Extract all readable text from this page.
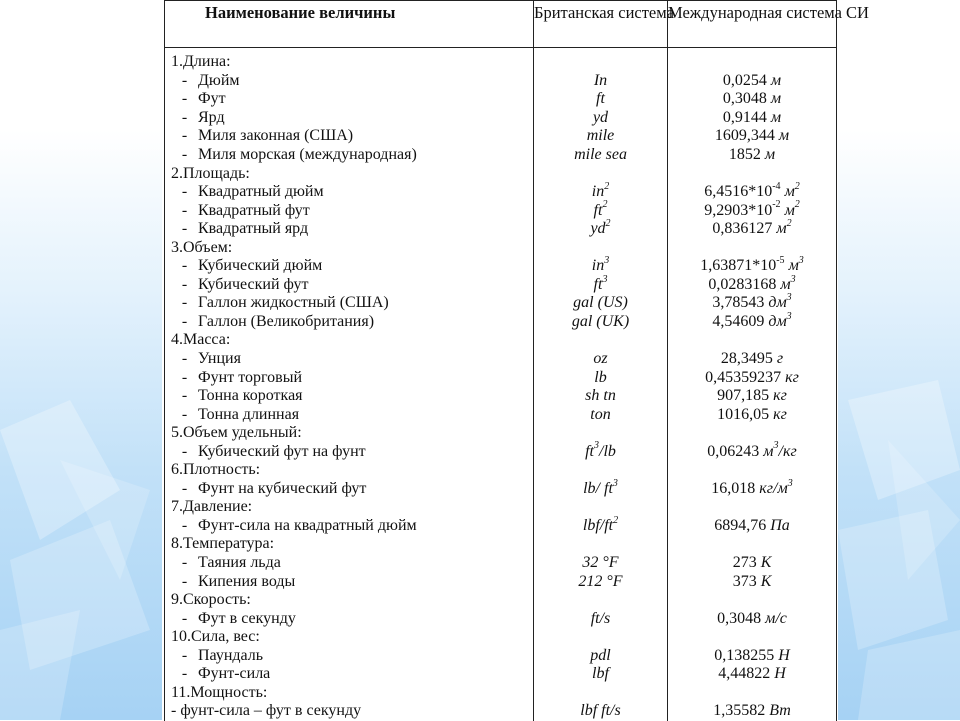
Наименование величины	Британская система	Международная система СИ

1.Длина:		
- Дюйм	In	0,0254 м
- Фут	ft	0,3048 м
- Ярд	yd	0,9144 м
- Миля законная (США)	mile	1609,344 м
- Миля морская (международная)	mile sea	1852 м
2.Площадь:		
- Квадратный дюйм	$in^2$	$6,4516*10^{-4}$ $м^2$
- Квадратный фут	$ft^2$	$9,2903*10^{-2}$ $м^2$
- Квадратный ярд	$yd^2$	0,836127 $м^2$
3.Объем:		
- Кубический дюйм	$in^3$	$1,63871*10^{-5}$ $м^3$
- Кубический фут	$ft^3$	0,0283168 $м^3$
- Галлон жидкостный (США)	gal (US)	3,78543 $дм^3$
- Галлон (Великобритания)	gal (UK)	4,54609 $дм^3$
4.Масса:		
- Унция	oz	28,3495 г
- Фунт торговый	lb	0,45359237 кг
- Тонна короткая	sh tn	907,185 кг
- Тонна длинная	ton	1016,05 кг
5.Объем удельный:		
- Кубический фут на фунт	$ft^3/lb$	0,06243 $м^3/кг$
6.Плотность:		
- Фунт на кубический фут	lb/ $ft^3$	16,018 $кг/м^3$
7.Давление:		
- Фунт-сила на квадратный дюйм	lbf/$ft^2$	6894,76 Па
8.Температура:		
- Таяния льда	32 °F	273 К
- Кипения воды	212 °F	373 К
9.Скорость:		
- Фут в секунду	ft/s	0,3048 м/с
10.Сила, вес:		
- Паундаль	pdl	0,138255 Н
- Фунт-сила	lbf	4,44822 Н
11.Мощность:		
- фунт-сила – фут в секунду	lbf ft/s	1,35582 Вт
